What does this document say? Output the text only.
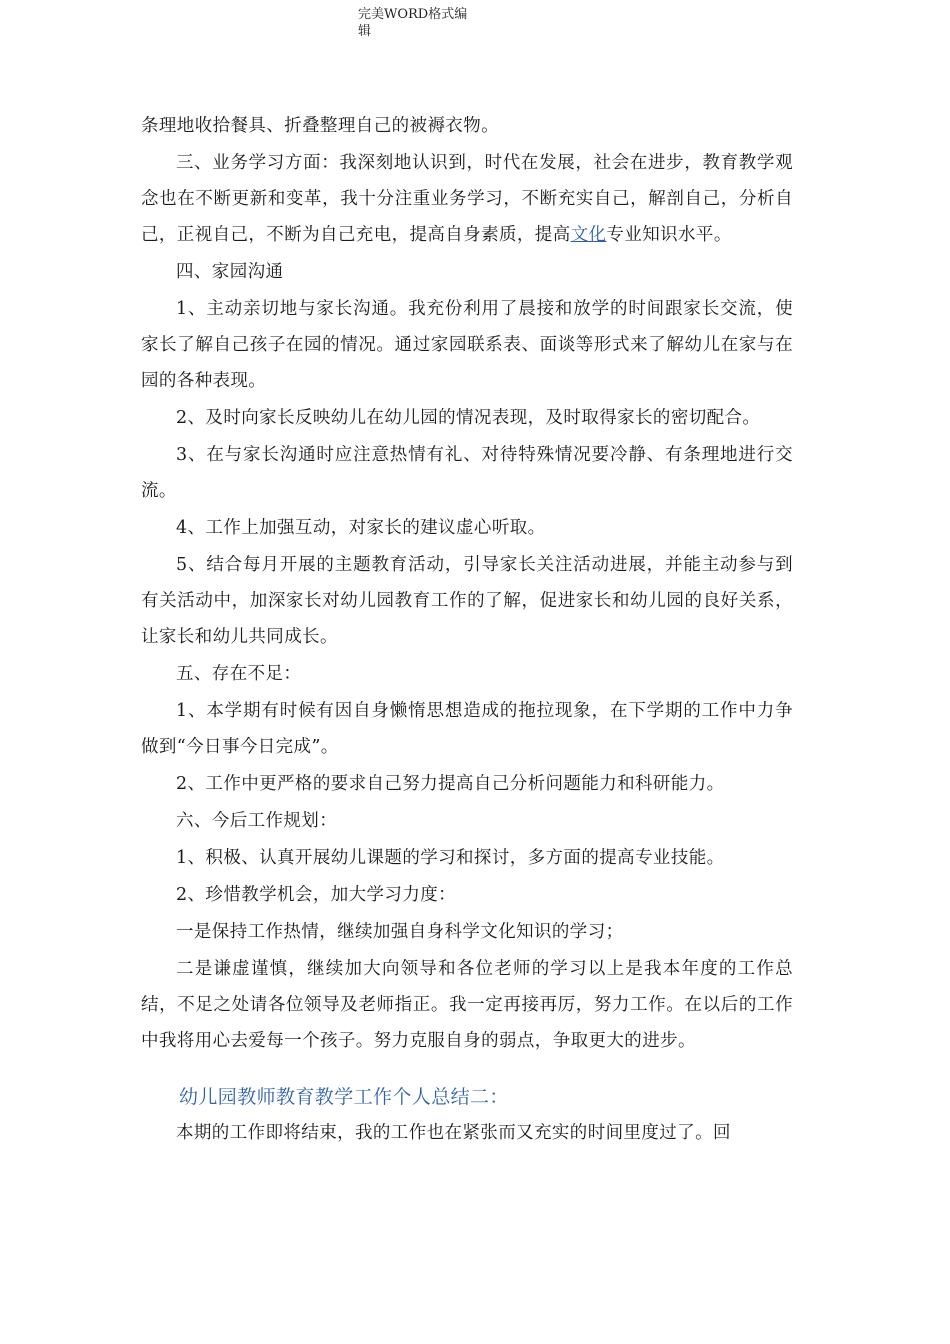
完美WORD格式编
辑

条理地收拾餐具、折叠整理自己的被褥衣物。

三、业务学习方面：我深刻地认识到，时代在发展，社会在进步，教育教学观念也在不断更新和变革，我十分注重业务学习，不断充实自己，解剖自己，分析自己，正视自己，不断为自己充电，提高自身素质，提高文化专业知识水平。

四、家园沟通

1、主动亲切地与家长沟通。我充份利用了晨接和放学的时间跟家长交流，使家长了解自己孩子在园的情况。通过家园联系表、面谈等形式来了解幼儿在家与在园的各种表现。

2、及时向家长反映幼儿在幼儿园的情况表现，及时取得家长的密切配合。

3、在与家长沟通时应注意热情有礼、对待特殊情况要冷静、有条理地进行交流。

4、工作上加强互动，对家长的建议虚心听取。

5、结合每月开展的主题教育活动，引导家长关注活动进展，并能主动参与到有关活动中，加深家长对幼儿园教育工作的了解，促进家长和幼儿园的良好关系，让家长和幼儿共同成长。

五、存在不足：

1、本学期有时候有因自身懒惰思想造成的拖拉现象，在下学期的工作中力争做到“今日事今日完成”。

2、工作中更严格的要求自己努力提高自己分析问题能力和科研能力。

六、今后工作规划：

1、积极、认真开展幼儿课题的学习和探讨，多方面的提高专业技能。

2、珍惜教学机会，加大学习力度：

一是保持工作热情，继续加强自身科学文化知识的学习；

二是谦虚谨慎，继续加大向领导和各位老师的学习以上是我本年度的工作总结，不足之处请各位领导及老师指正。我一定再接再厉，努力工作。在以后的工作中我将用心去爱每一个孩子。努力克服自身的弱点，争取更大的进步。

幼儿园教师教育教学工作个人总结二：

本期的工作即将结束，我的工作也在紧张而又充实的时间里度过了。回
